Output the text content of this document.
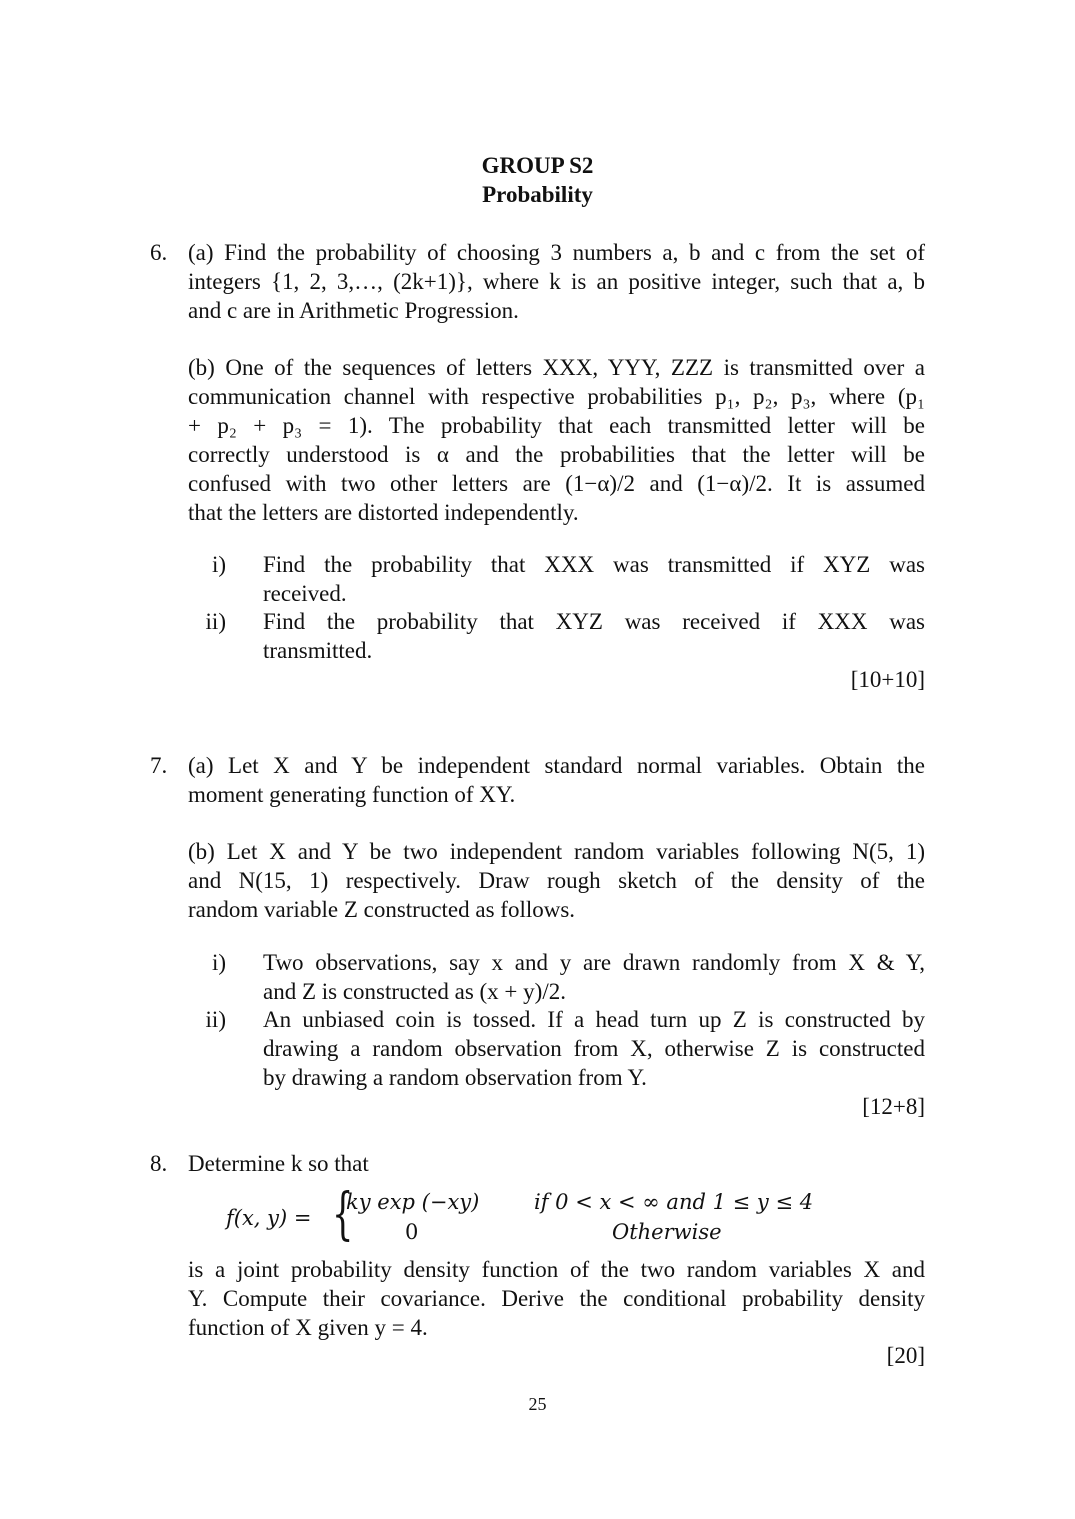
GROUP S2
Probability
6. (a) Find the probability of choosing 3 numbers a, b and c from the set of
integers {1, 2, 3,…, (2k+1)}, where k is an positive integer, such that a, b
and c are in Arithmetic Progression.
(b) One of the sequences of letters XXX, YYY, ZZZ is transmitted over a
communication channel with respective probabilities p₁, p₂, p₃, where (p₁
+ p₂ + p₃ = 1). The probability that each transmitted letter will be
correctly understood is α and the probabilities that the letter will be
confused with two other letters are (1−α)/2 and (1−α)/2. It is assumed
that the letters are distorted independently.
i) Find the probability that XXX was transmitted if XYZ was
received.
ii) Find the probability that XYZ was received if XXX was
transmitted.
[10+10]
7. (a) Let X and Y be independent standard normal variables. Obtain the
moment generating function of XY.
(b) Let X and Y be two independent random variables following N(5, 1)
and N(15, 1) respectively. Draw rough sketch of the density of the
random variable Z constructed as follows.
i) Two observations, say x and y are drawn randomly from X & Y,
and Z is constructed as (x + y)/2.
ii) An unbiased coin is tossed. If a head turn up Z is constructed by
drawing a random observation from X, otherwise Z is constructed
by drawing a random observation from Y.
[12+8]
8. Determine k so that
f(x, y) = {
ky exp (−xy)	if 0 < x < ∞ and 1 ≤ y ≤ 4
0	Otherwise
is a joint probability density function of the two random variables X and
Y. Compute their covariance. Derive the conditional probability density
function of X given y = 4.
[20]
25
